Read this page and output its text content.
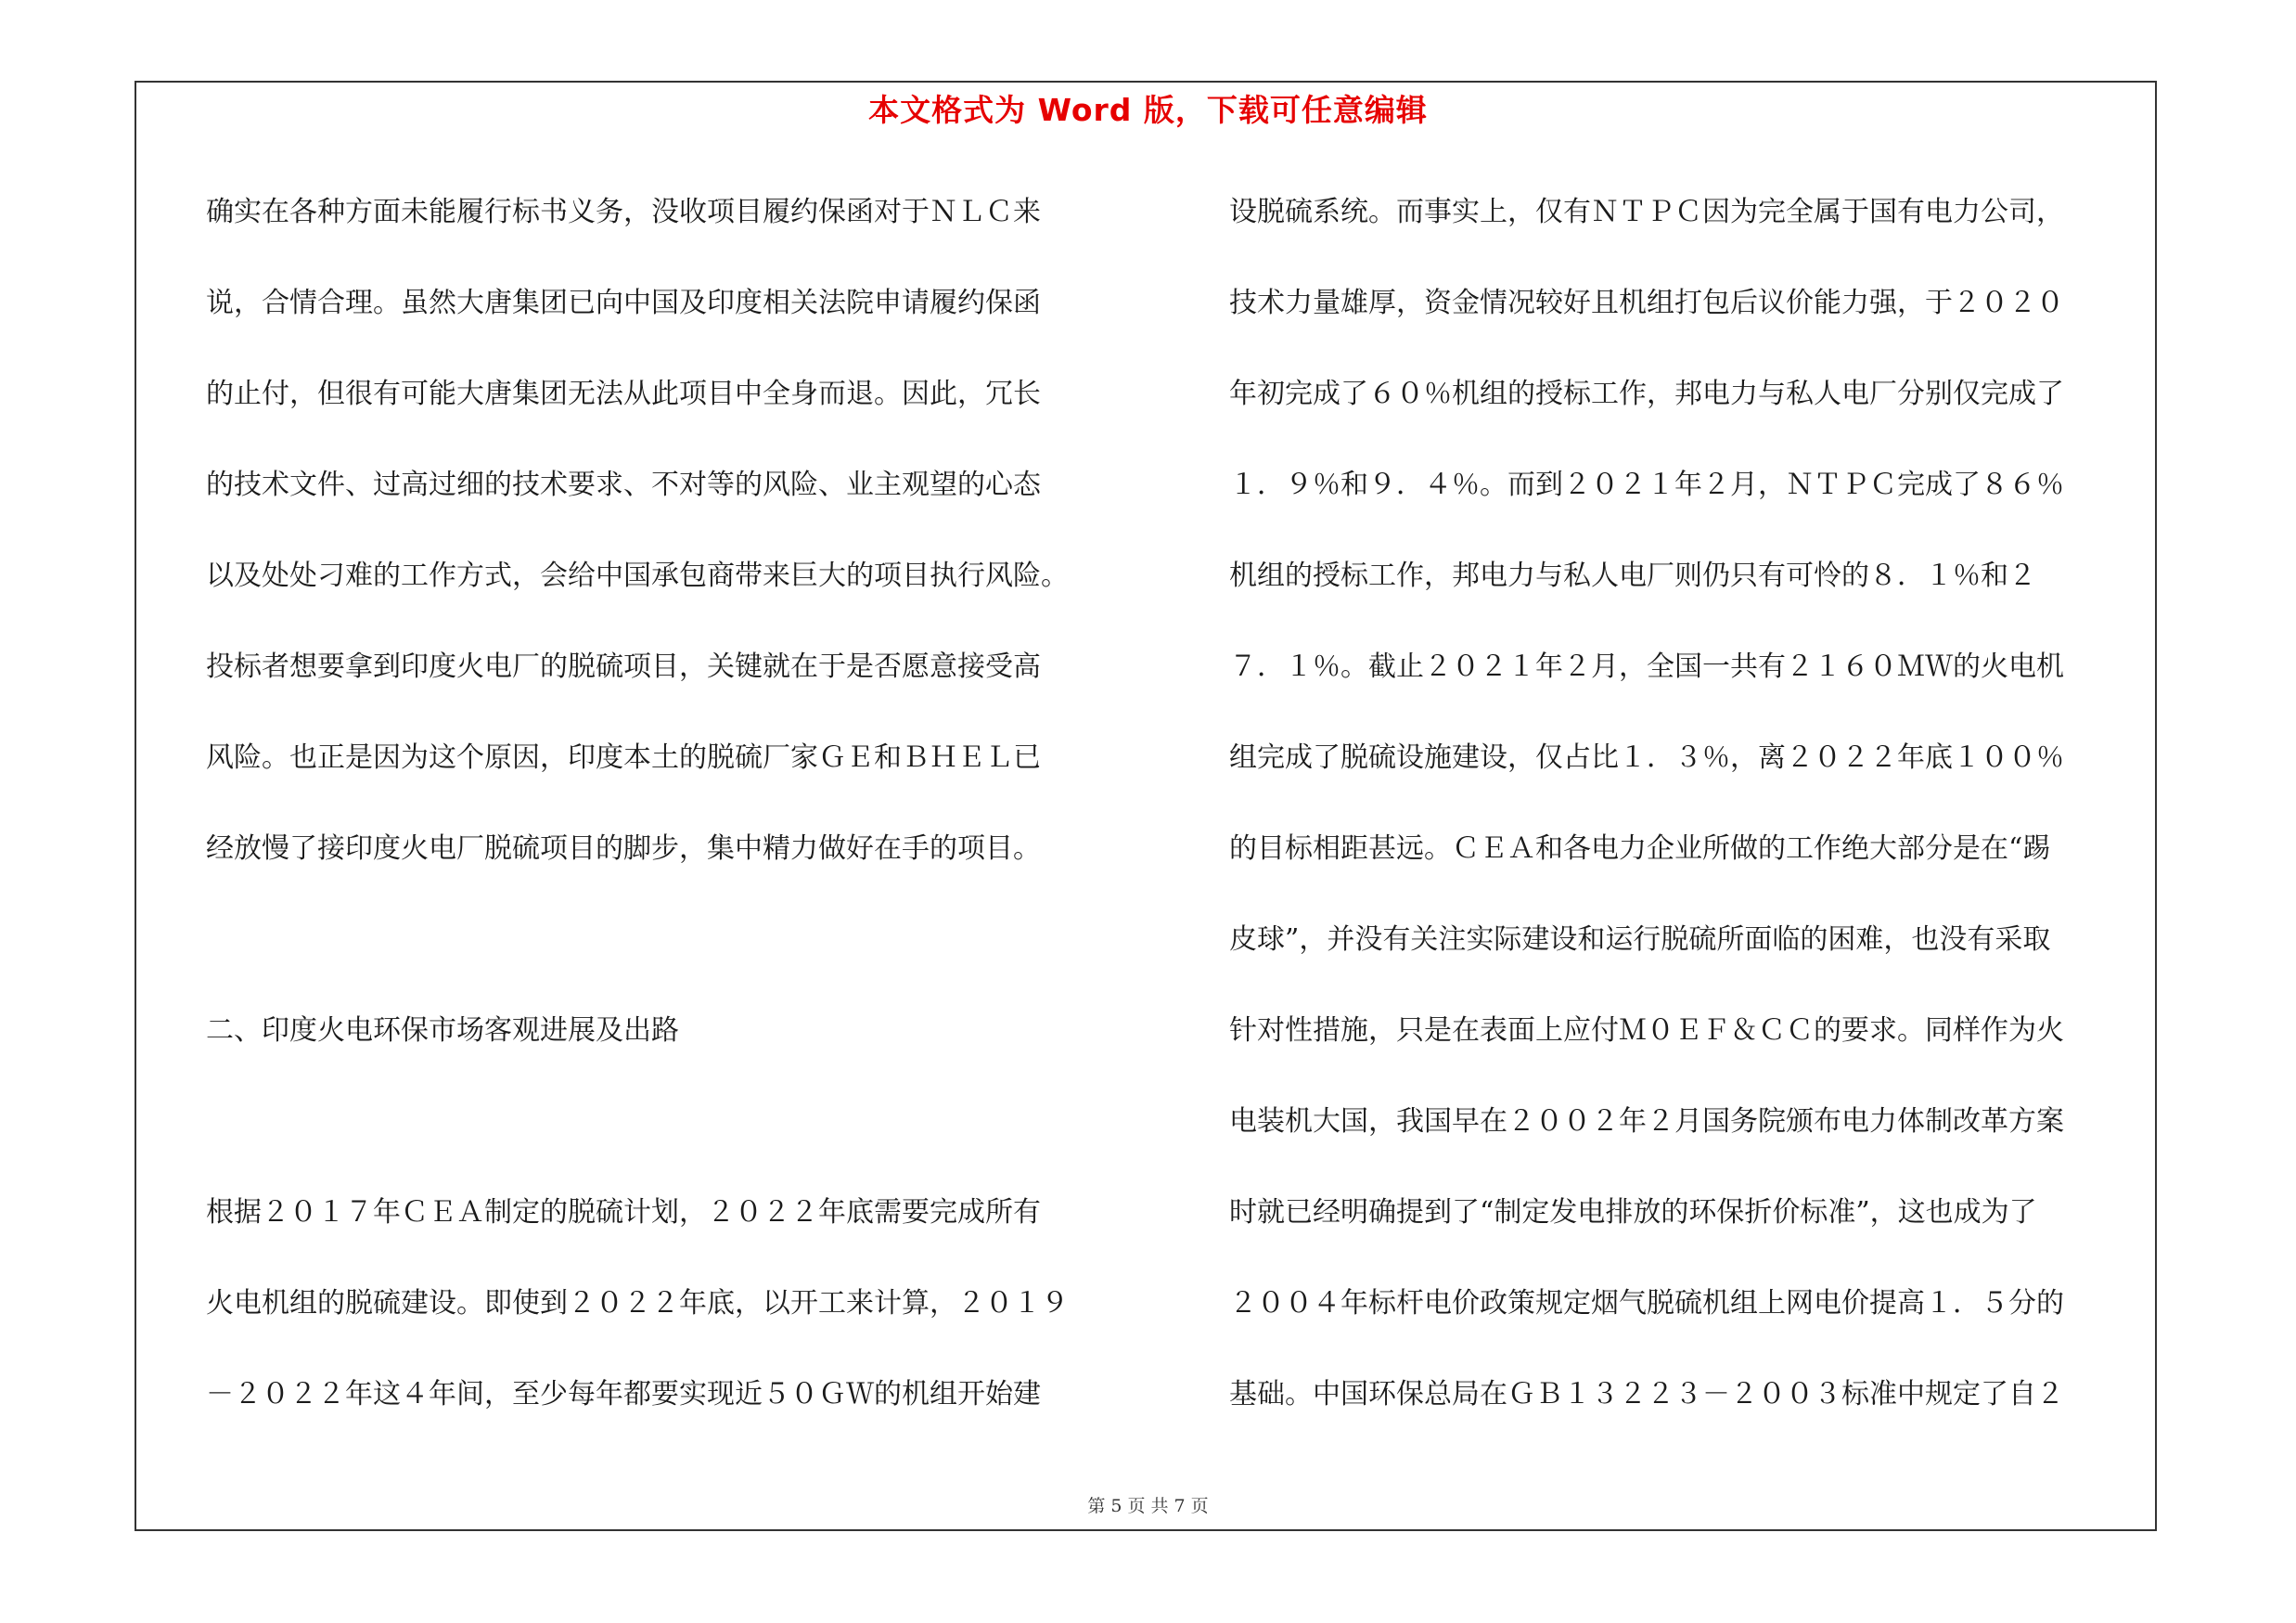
本文格式为 Word 版，下载可任意编辑
确实在各种方面未能履行标书义务，没收项目履约保函对于ＮＬＣ来
说，合情合理。虽然大唐集团已向中国及印度相关法院申请履约保函
的止付，但很有可能大唐集团无法从此项目中全身而退。因此，冗长
的技术文件、过高过细的技术要求、不对等的风险、业主观望的心态
以及处处刁难的工作方式，会给中国承包商带来巨大的项目执行风险。
投标者想要拿到印度火电厂的脱硫项目，关键就在于是否愿意接受高
风险。也正是因为这个原因，印度本土的脱硫厂家ＧＥ和ＢＨＥＬ已
经放慢了接印度火电厂脱硫项目的脚步，集中精力做好在手的项目。
二、印度火电环保市场客观进展及出路
根据２０１７年ＣＥＡ制定的脱硫计划，２０２２年底需要完成所有
火电机组的脱硫建设。即使到２０２２年底，以开工来计算，２０１９
－２０２２年这４年间，至少每年都要实现近５０ＧＷ的机组开始建
设脱硫系统。而事实上，仅有ＮＴＰＣ因为完全属于国有电力公司，
技术力量雄厚，资金情况较好且机组打包后议价能力强，于２０２０
年初完成了６０％机组的授标工作，邦电力与私人电厂分别仅完成了
１．９％和９．４％。而到２０２１年２月，ＮＴＰＣ完成了８６％
机组的授标工作，邦电力与私人电厂则仍只有可怜的８．１％和２
７．１％。截止２０２１年２月，全国一共有２１６０ＭＷ的火电机
组完成了脱硫设施建设，仅占比１．３％，离２０２２年底１００％
的目标相距甚远。ＣＥＡ和各电力企业所做的工作绝大部分是在“踢
皮球”，并没有关注实际建设和运行脱硫所面临的困难，也没有采取
针对性措施，只是在表面上应付Ｍ０ＥＦ＆ＣＣ的要求。同样作为火
电装机大国，我国早在２００２年２月国务院颁布电力体制改革方案
时就已经明确提到了“制定发电排放的环保折价标准”，这也成为了
２００４年标杆电价政策规定烟气脱硫机组上网电价提高１．５分的
基础。中国环保总局在ＧＢ１３２２３－２００３标准中规定了自２
第 5 页 共 7 页
